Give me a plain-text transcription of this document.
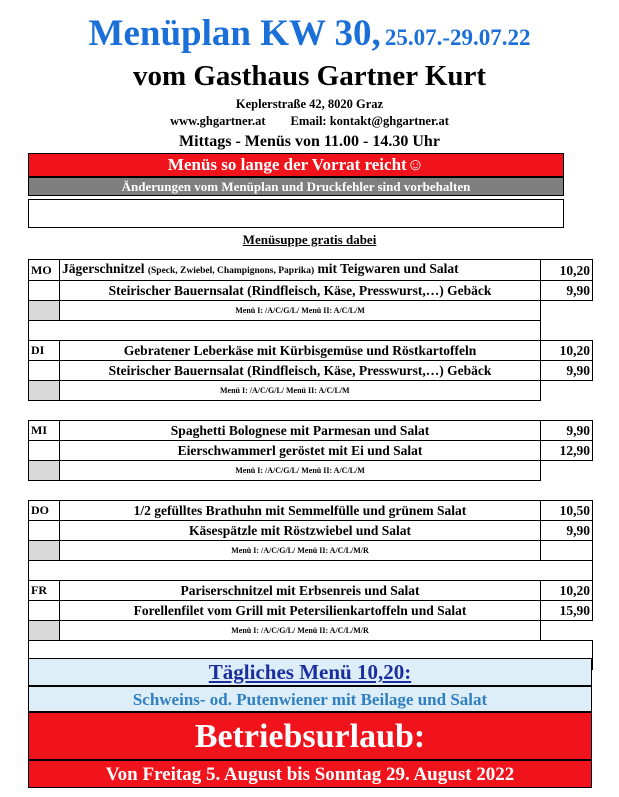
Menüplan KW 30, 25.07.-29.07.22
vom Gasthaus Gartner Kurt
Keplerstraße 42, 8020 Graz
www.ghgartner.at Email: kontakt@ghgartner.at
Mittags - Menüs von 11.00 - 14.30 Uhr
Menüs so lange der Vorrat reicht☺
Änderungen vom Menüplan und Druckfehler sind vorbehalten
Menüsuppe gratis dabei
MO	Jägerschnitzel (Speck, Zwiebel, Champignons, Paprika) mit Teigwaren und Salat	10,20
	Steirischer Bauernsalat (Rindfleisch, Käse, Presswurst,…) Gebäck	9,90
	Menü I: /A/C/G/L/ Menü II: A/C/L/M	

DI	Gebratener Leberkäse mit Kürbisgemüse und Röstkartoffeln	10,20
	Steirischer Bauernsalat (Rindfleisch, Käse, Presswurst,…) Gebäck	9,90
	Menü I: /A/C/G/L/ Menü II: A/C/L/M	

MI	Spaghetti Bolognese mit Parmesan und Salat	9,90
	Eierschwammerl geröstet mit Ei und Salat	12,90
	Menü I: /A/C/G/L/ Menü II: A/C/L/M	

DO	1/2 gefülltes Brathuhn mit Semmelfülle und grünem Salat	10,50
	Käsespätzle mit Röstzwiebel und Salat	9,90
	Menü I: /A/C/G/L/ Menü II: A/C/L/M/R	

FR	Pariserschnitzel mit Erbsenreis und Salat	10,20
	Forellenfilet vom Grill mit Petersilienkartoffeln und Salat	15,90
	Menü I: /A/C/G/L/ Menü II: A/C/L/M/R	

Tägliches Menü 10,20:
Schweins- od. Putenwiener mit Beilage und Salat
Betriebsurlaub:
Von Freitag 5. August bis Sonntag 29. August 2022
